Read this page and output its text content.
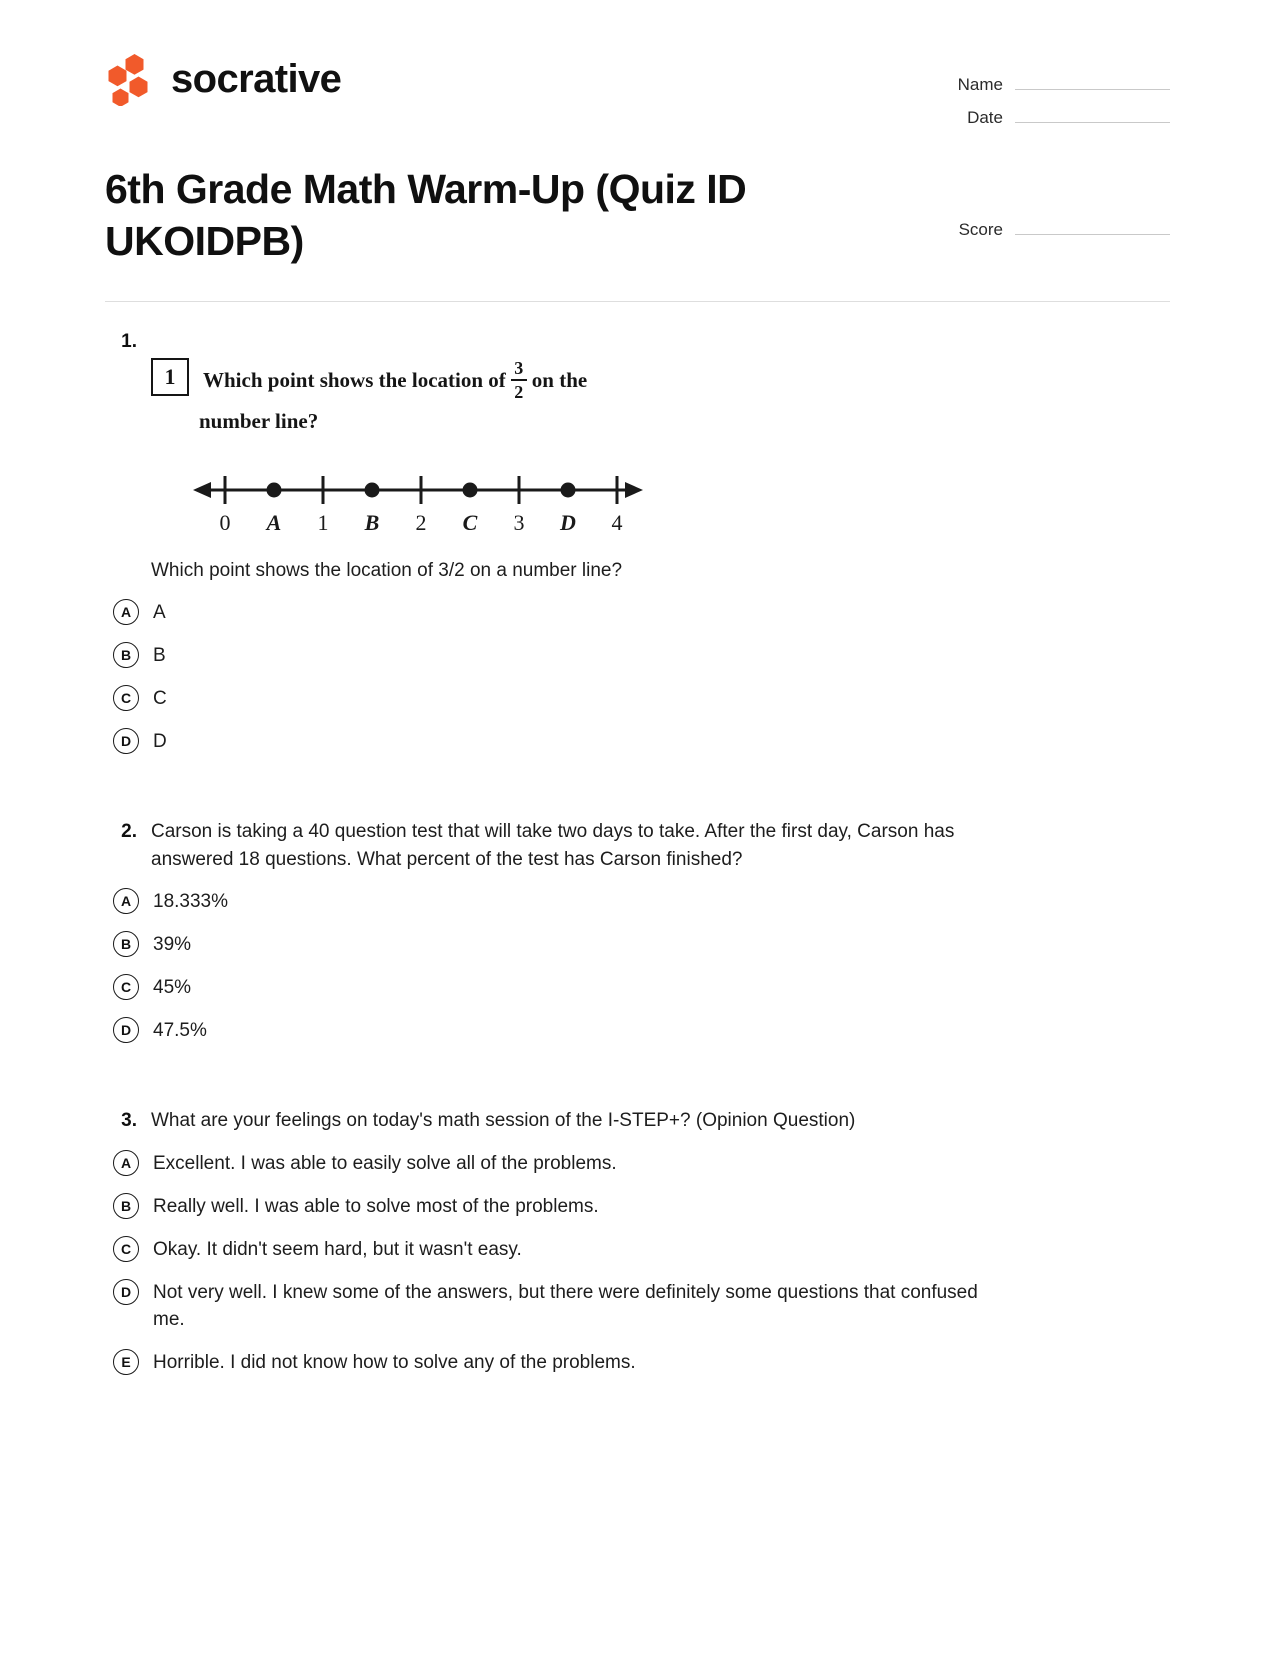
socrative	Name
Date
6th Grade Math Warm-Up (Quiz ID UKOIDPB)	Score
1.
1	Which point shows the location of $\frac{3}{2}$ on the
number line?
0 A 1 B 2 C 3 D 4
Which point shows the location of 3/2 on a number line?
A	A
B	B
C	C
D	D
2. Carson is taking a 40 question test that will take two days to take. After the first day, Carson has answered 18 questions. What percent of the test has Carson finished?
A	18.333%
B	39%
C	45%
D	47.5%
3. What are your feelings on today's math session of the I-STEP+? (Opinion Question)
A	Excellent. I was able to easily solve all of the problems.
B	Really well. I was able to solve most of the problems.
C	Okay. It didn't seem hard, but it wasn't easy.
D	Not very well. I knew some of the answers, but there were definitely some questions that confused me.
E	Horrible. I did not know how to solve any of the problems.
